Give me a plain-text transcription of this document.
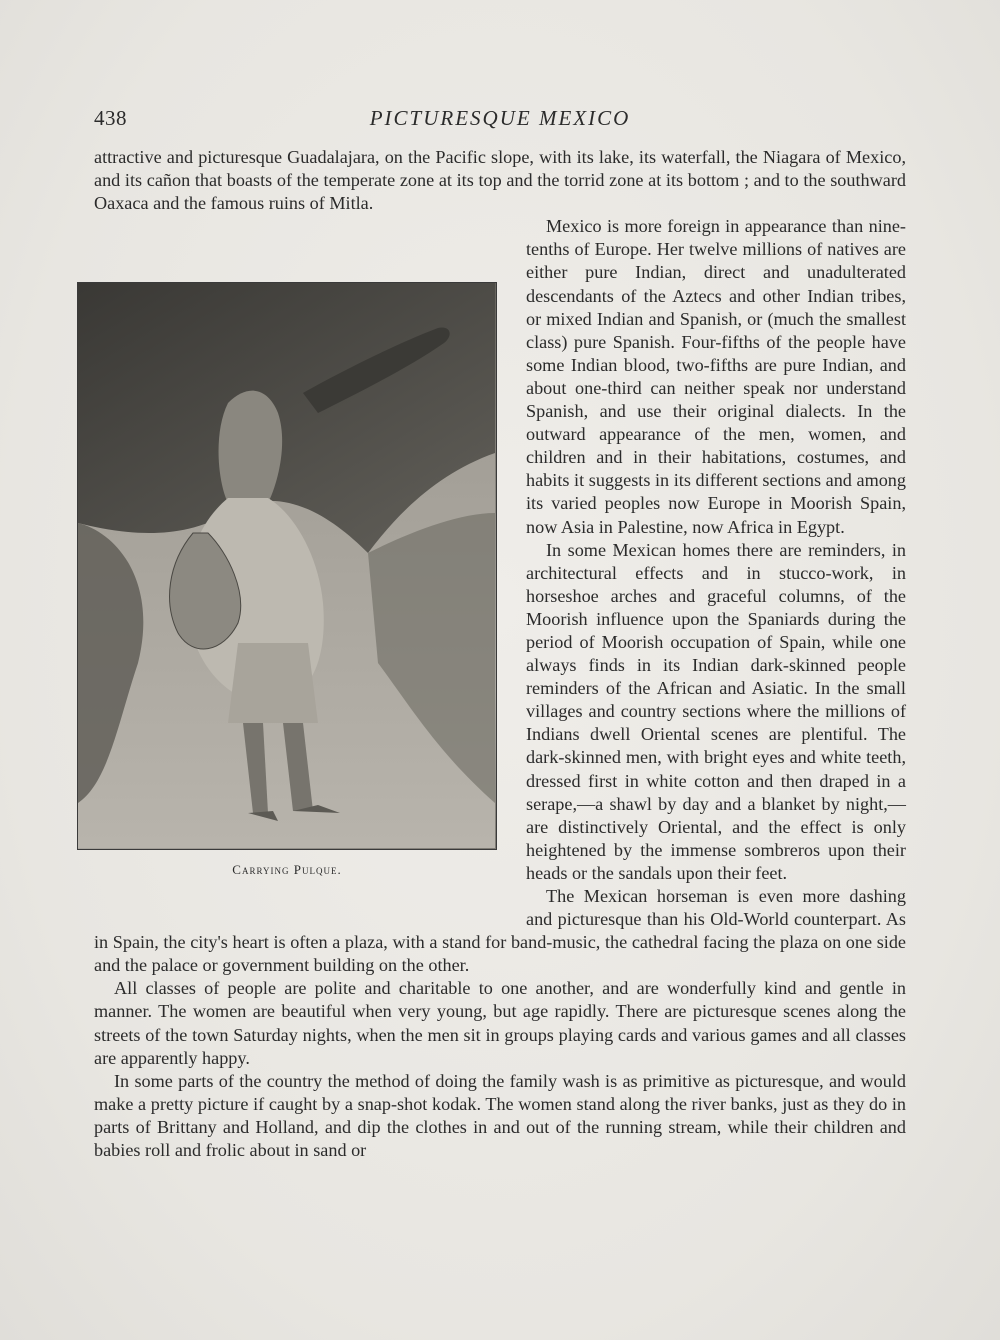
438	PICTURESQUE MEXICO

attractive and picturesque Guadalajara, on the Pacific slope, with its lake, its waterfall, the Niagara of Mexico, and its cañon that boasts of the temperate zone at its top and the torrid zone at its bottom ; and to the southward Oaxaca and the famous ruins of Mitla.

Carrying Pulque.
Mexico is more foreign in appearance than nine-tenths of Europe. Her twelve millions of natives are either pure Indian, direct and unadulterated descendants of the Aztecs and other Indian tribes, or mixed Indian and Spanish, or (much the smallest class) pure Spanish. Four-fifths of the people have some Indian blood, two-fifths are pure Indian, and about one-third can neither speak nor understand Spanish, and use their original dialects. In the outward appearance of the men, women, and children and in their habitations, costumes, and habits it suggests in its different sections and among its varied peoples now Europe in Moorish Spain, now Asia in Palestine, now Africa in Egypt.

In some Mexican homes there are reminders, in architectural effects and in stucco-work, in horseshoe arches and graceful columns, of the Moorish influence upon the Spaniards during the period of Moorish occupation of Spain, while one always finds in its Indian dark-skinned people reminders of the African and Asiatic. In the small villages and country sections where the millions of Indians dwell Oriental scenes are plentiful. The dark-skinned men, with bright eyes and white teeth, dressed first in white cotton and then draped in a serape,—a shawl by day and a blanket by night,—are distinctively Oriental, and the effect is only heightened by the immense sombreros upon their heads or the sandals upon their feet.

The Mexican horseman is even more dashing and picturesque than his Old-World counterpart. As in Spain, the city's heart is often a plaza, with a stand for band-music, the cathedral facing the plaza on one side and the palace or government building on the other.

All classes of people are polite and charitable to one another, and are wonderfully kind and gentle in manner. The women are beautiful when very young, but age rapidly. There are picturesque scenes along the streets of the town Saturday nights, when the men sit in groups playing cards and various games and all classes are apparently happy.

In some parts of the country the method of doing the family wash is as primitive as picturesque, and would make a pretty picture if caught by a snap-shot kodak. The women stand along the river banks, just as they do in parts of Brittany and Holland, and dip the clothes in and out of the running stream, while their children and babies roll and frolic about in sand or
